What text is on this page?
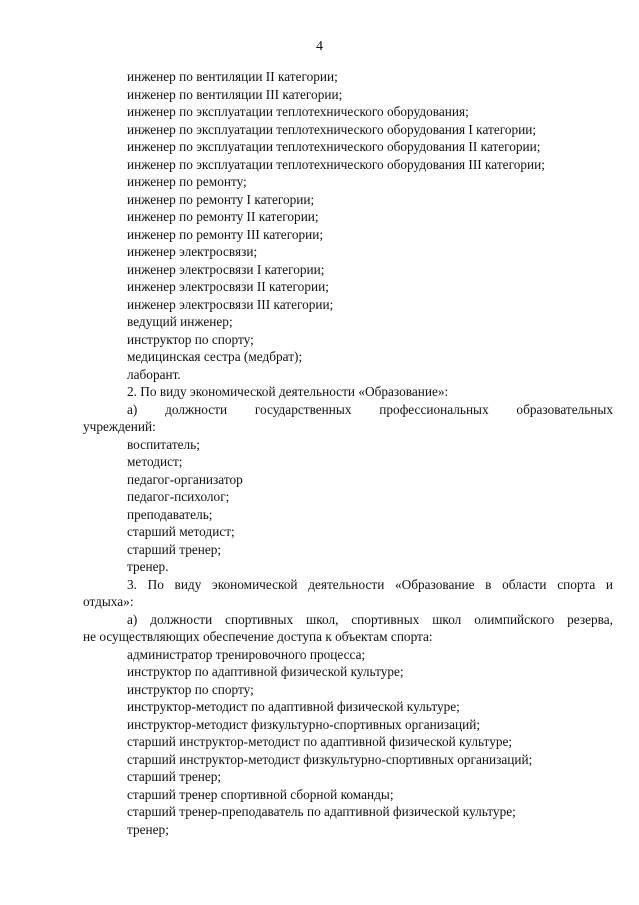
4
инженер по вентиляции II категории;
инженер по вентиляции III категории;
инженер по эксплуатации теплотехнического оборудования;
инженер по эксплуатации теплотехнического оборудования I категории;
инженер по эксплуатации теплотехнического оборудования II категории;
инженер по эксплуатации теплотехнического оборудования III категории;
инженер по ремонту;
инженер по ремонту I категории;
инженер по ремонту II категории;
инженер по ремонту III категории;
инженер электросвязи;
инженер электросвязи I категории;
инженер электросвязи II категории;
инженер электросвязи III категории;
ведущий инженер;
инструктор по спорту;
медицинская сестра (медбрат);
лаборант.
2. По виду экономической деятельности «Образование»:
а) должности государственных профессиональных образовательных
учреждений:
воспитатель;
методист;
педагог-организатор
педагог-психолог;
преподаватель;
старший методист;
старший тренер;
тренер.
3. По виду экономической деятельности «Образование в области спорта и
отдыха»:
а) должности спортивных школ, спортивных школ олимпийского резерва,
не осуществляющих обеспечение доступа к объектам спорта:
администратор тренировочного процесса;
инструктор по адаптивной физической культуре;
инструктор по спорту;
инструктор-методист по адаптивной физической культуре;
инструктор-методист физкультурно-спортивных организаций;
старший инструктор-методист по адаптивной физической культуре;
старший инструктор-методист физкультурно-спортивных организаций;
старший тренер;
старший тренер спортивной сборной команды;
старший тренер-преподаватель по адаптивной физической культуре;
тренер;
